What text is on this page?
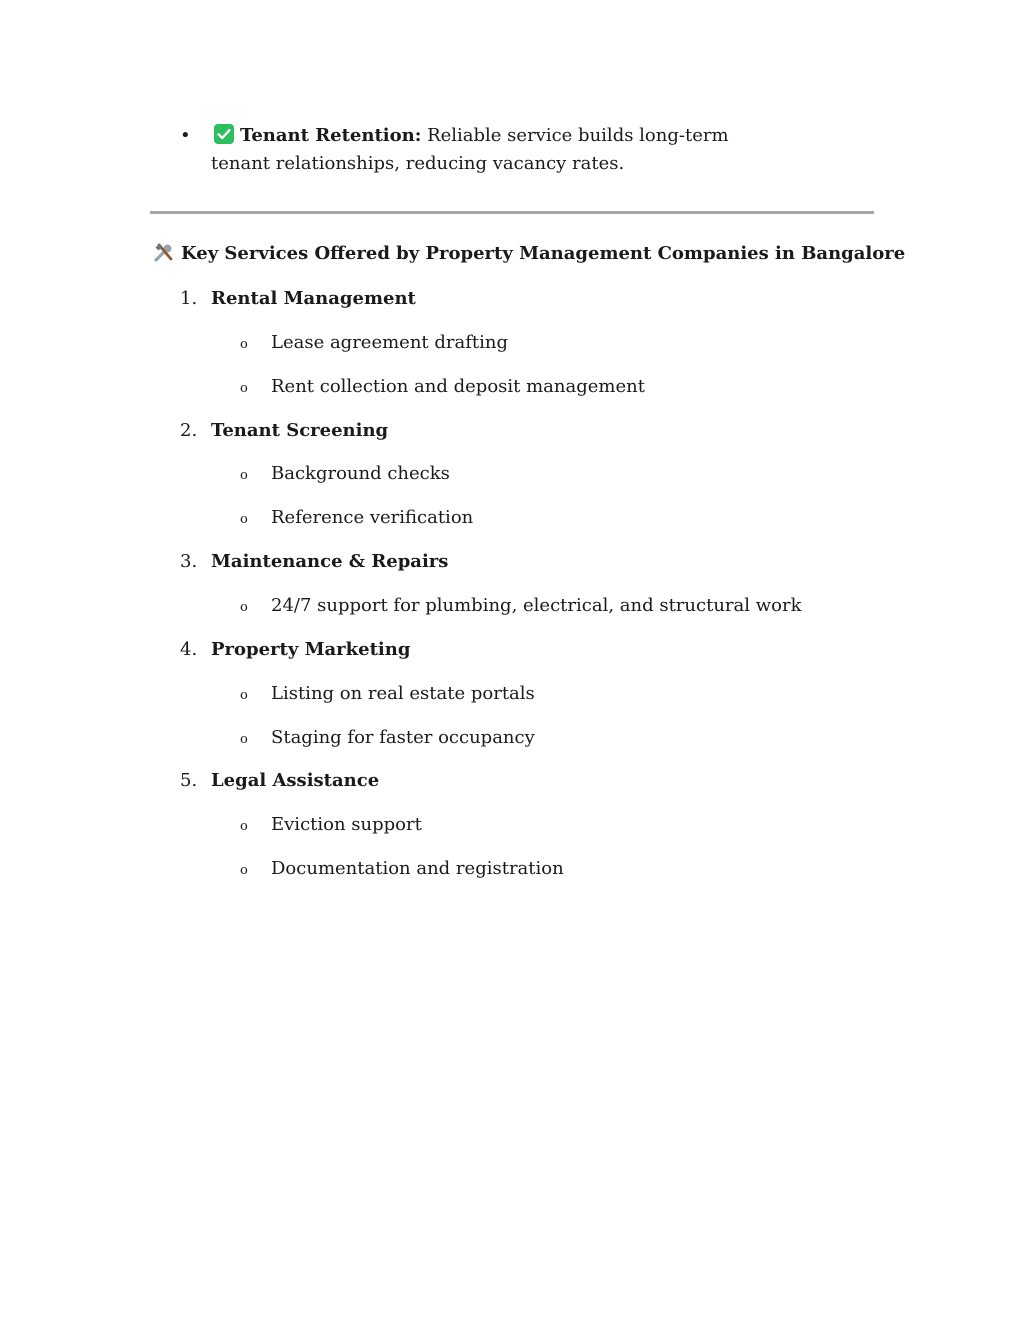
•	Tenant Retention: Reliable service builds long-term tenant relationships, reducing vacancy rates.
Key Services Offered by Property Management Companies in Bangalore
1. Rental Management
o Lease agreement drafting
o Rent collection and deposit management
2. Tenant Screening
o Background checks
o Reference verification
3. Maintenance & Repairs
o 24/7 support for plumbing, electrical, and structural work
4. Property Marketing
o Listing on real estate portals
o Staging for faster occupancy
5. Legal Assistance
o Eviction support
o Documentation and registration
